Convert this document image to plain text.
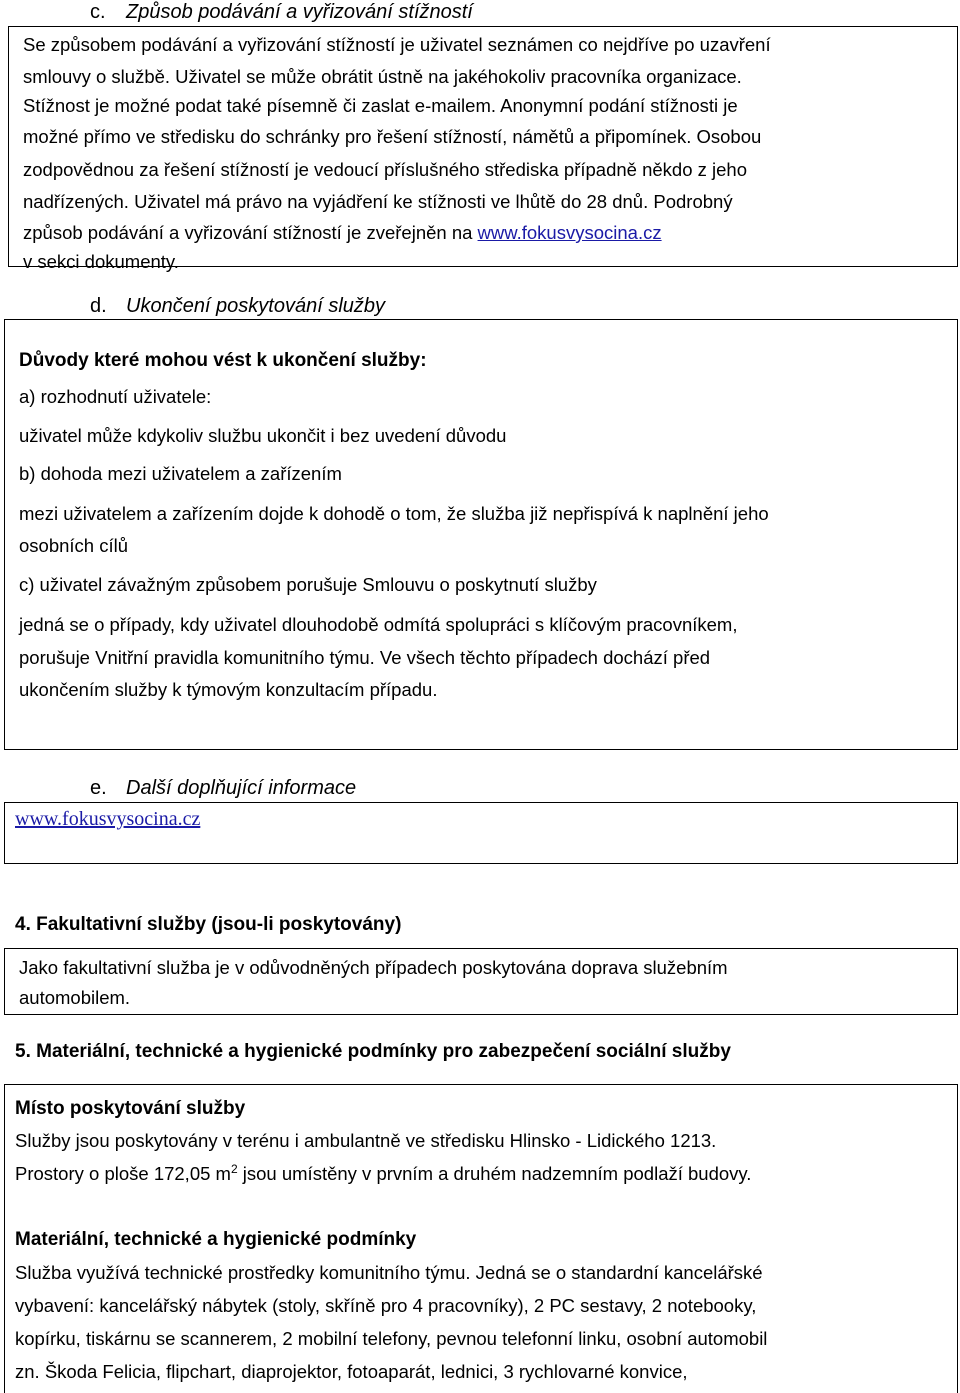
c. Způsob podávání a vyřizování stížností
Se způsobem podávání a vyřizování stížností je uživatel seznámen co nejdříve po uzavření
smlouvy o službě. Uživatel se může obrátit ústně na jakéhokoliv pracovníka organizace.
Stížnost je možné podat také písemně či zaslat e-mailem. Anonymní podání stížnosti je
možné přímo ve středisku do schránky pro řešení stížností, námětů a připomínek. Osobou
zodpovědnou za řešení stížností je vedoucí příslušného střediska případně někdo z jeho
nadřízených. Uživatel má právo na vyjádření ke stížnosti ve lhůtě do 28 dnů. Podrobný
způsob podávání a vyřizování stížností je zveřejněn na www.fokusvysocina.cz
v sekci dokumenty.
d. Ukončení poskytování služby
Důvody které mohou vést k ukončení služby:
a) rozhodnutí uživatele:
uživatel může kdykoliv službu ukončit i bez uvedení důvodu
b) dohoda mezi uživatelem a zařízením
mezi uživatelem a zařízením dojde k dohodě o tom, že služba již nepřispívá k naplnění jeho
osobních cílů
c) uživatel závažným způsobem porušuje Smlouvu o poskytnutí služby
jedná se o případy, kdy uživatel dlouhodobě odmítá spolupráci s klíčovým pracovníkem,
porušuje Vnitřní pravidla komunitního týmu. Ve všech těchto případech dochází před
ukončením služby k týmovým konzultacím případu.
e. Další doplňující informace
www.fokusvysocina.cz
4. Fakultativní služby (jsou-li poskytovány)
Jako fakultativní služba je v odůvodněných případech poskytována doprava služebním
automobilem.
5. Materiální, technické a hygienické podmínky pro zabezpečení sociální služby
Místo poskytování služby
Služby jsou poskytovány v terénu i ambulantně ve středisku Hlinsko - Lidického 1213.
Prostory o ploše 172,05 $m^2$ jsou umístěny v prvním a druhém nadzemním podlaží budovy.
Materiální, technické a hygienické podmínky
Služba využívá technické prostředky komunitního týmu. Jedná se o standardní kancelářské
vybavení: kancelářský nábytek (stoly, skříně pro 4 pracovníky), 2 PC sestavy, 2 notebooky,
kopírku, tiskárnu se scannerem, 2 mobilní telefony, pevnou telefonní linku, osobní automobil
zn. Škoda Felicia, flipchart, diaprojektor, fotoaparát, lednici, 3 rychlovarné konvice,
